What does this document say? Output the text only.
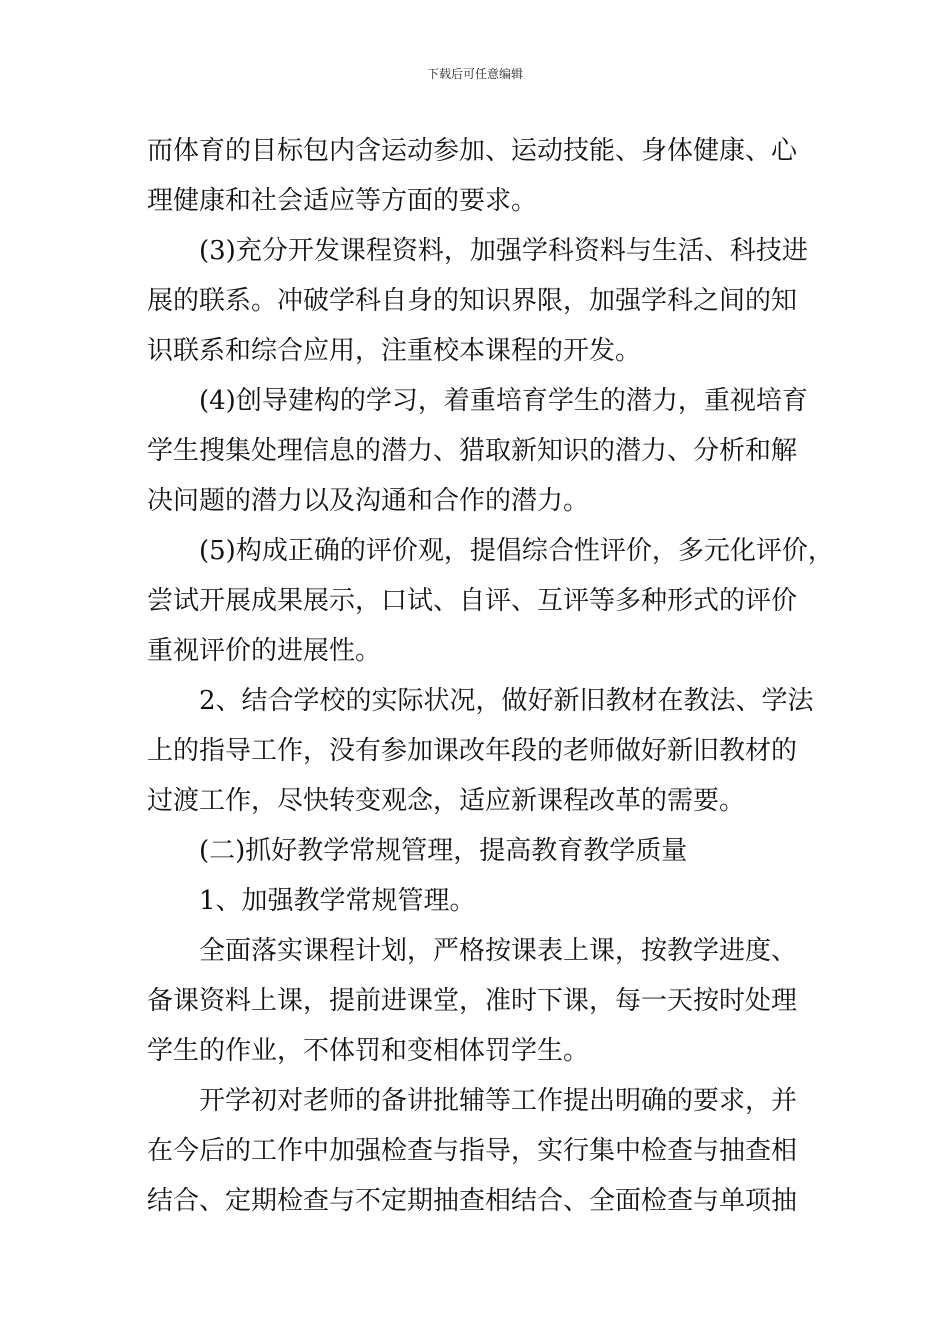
下载后可任意编辑
而体育的目标包内含运动参加、运动技能、身体健康、心
理健康和社会适应等方面的要求。
(3)充分开发课程资料，加强学科资料与生活、科技进
展的联系。冲破学科自身的知识界限，加强学科之间的知
识联系和综合应用，注重校本课程的开发。
(4)创导建构的学习，着重培育学生的潜力，重视培育
学生搜集处理信息的潜力、猎取新知识的潜力、分析和解
决问题的潜力以及沟通和合作的潜力。
(5)构成正确的评价观，提倡综合性评价，多元化评价，
尝试开展成果展示，口试、自评、互评等多种形式的评价
重视评价的进展性。
2、结合学校的实际状况，做好新旧教材在教法、学法
上的指导工作，没有参加课改年段的老师做好新旧教材的
过渡工作，尽快转变观念，适应新课程改革的需要。
(二)抓好教学常规管理，提高教育教学质量
1、加强教学常规管理。
全面落实课程计划，严格按课表上课，按教学进度、
备课资料上课，提前进课堂，准时下课，每一天按时处理
学生的作业，不体罚和变相体罚学生。
开学初对老师的备讲批辅等工作提出明确的要求，并
在今后的工作中加强检查与指导，实行集中检查与抽查相
结合、定期检查与不定期抽查相结合、全面检查与单项抽
